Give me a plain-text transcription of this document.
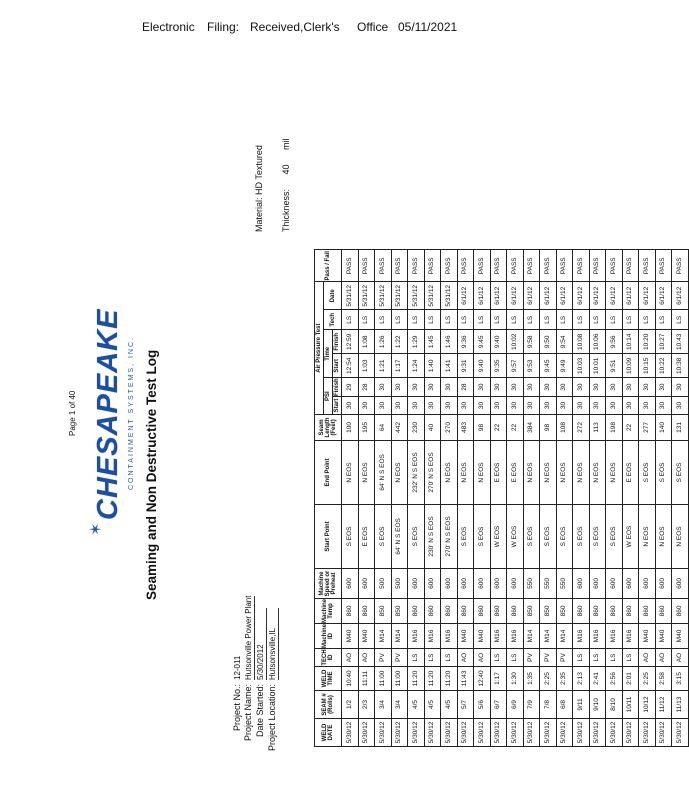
Electronic Filing: Received,Clerk's Office 05/11/2021
Page 1 of 40
✶
CHESAPEAKE CONTAINMENT SYSTEMS, INC. Seaming and Non Destructive Test Log
Project No.:12-011
Project Name:Hutsonville Power Plant
Date Started:5/30/2012
Project Location:Hutsonsville,IL
Material: HD Textured
Thickness: 40 mil
WELD DATE	SEAM # (Rolls)	WELD TIME	TECH ID	Machine ID	Machine Temp	Machine Speed or Preheat	Start Point	End Point	Seam Length (Feet)	Air Pressure Test						Pass / Fail
										PSI		Time		Tech	Date	
										Start	Finish	Start	Finish			
5/30/12	1/2	10:40	AO	M40	860	600	S EOS	N EOS	100	30	29	12:54	12:59	LS	5/31/12	PASS
5/30/12	2/3	11:11	AO	M40	860	600	E EOS	N EOS	195	30	28	1:03	1:08	LS	5/31/12	PASS
5/30/12	3/4	11:00	PV	M14	850	500	S EOS	64' N S EOS	64	30	30	1:21	1:26	LS	5/31/12	PASS
5/30/12	3/4	11:00	PV	M14	850	500	64' N S EOS	N EOS	442	30	30	1:17	1:22	LS	5/31/12	PASS
5/30/12	4/5	11:20	LS	M16	860	600	S EOS	232' N S EOS	230	30	30	1:24	1:29	LS	5/31/12	PASS
5/30/12	4/5	11:20	LS	M16	860	600	230' N S EOS	270' N S EOS	40	30	30	1:40	1:45	LS	5/31/12	PASS
5/30/12	4/5	11:20	LS	M16	860	600	270' N S EOS	N EOS	270	30	30	1:41	1:46	LS	5/31/12	PASS
5/30/12	5/7	11:43	AO	M40	860	600	S EOS	N EOS	483	30	28	9:31	9:36	LS	6/1/12	PASS
5/30/12	5/6	12:40	AO	M40	860	600	S EOS	N EOS	98	30	30	9:40	9:45	LS	6/1/12	PASS
5/30/12	6/7	1:17	LS	M16	860	600	W EOS	E EOS	22	30	30	9:35	9:40	LS	6/1/12	PASS
5/30/12	6/9	1:30	LS	M16	860	600	W EOS	E EOS	22	30	30	9:57	10:02	LS	6/1/12	PASS
5/30/12	7/9	1:35	PV	M14	850	550	S EOS	N EOS	384	30	30	9:53	9:58	LS	6/1/12	PASS
5/30/12	7/8	2:25	PV	M14	850	550	S EOS	N EOS	98	30	30	9:45	9:50	LS	6/1/12	PASS
5/30/12	6/8	2:35	PV	M14	850	550	S EOS	N EOS	108	30	30	9:49	9:54	LS	6/1/12	PASS
5/30/12	9/11	2:13	LS	M16	860	600	S EOS	N EOS	272	30	30	10:03	10:08	LS	6/1/12	PASS
5/30/12	9/10	2:41	LS	M16	860	600	S EOS	N EOS	113	30	30	10:01	10:06	LS	6/1/12	PASS
5/30/12	8/10	2:56	LS	M16	860	600	S EOS	N EOS	198	30	30	9:51	9:56	LS	6/1/12	PASS
5/30/12	10/11	2:01	LS	M16	860	600	W EOS	E EOS	22	30	30	10:09	10:14	LS	6/1/12	PASS
5/30/12	10/12	2:25	AO	M40	860	600	N EOS	S EOS	277	30	30	10:15	10:20	LS	6/1/12	PASS
5/30/12	11/12	2:58	AO	M40	860	600	N EOS	S EOS	140	30	30	10:22	10:27	LS	6/1/12	PASS
5/30/12	11/13	3:15	AO	M40	860	600	N EOS	S EOS	131	30	30	10:38	10:43	LS	6/1/12	PASS
